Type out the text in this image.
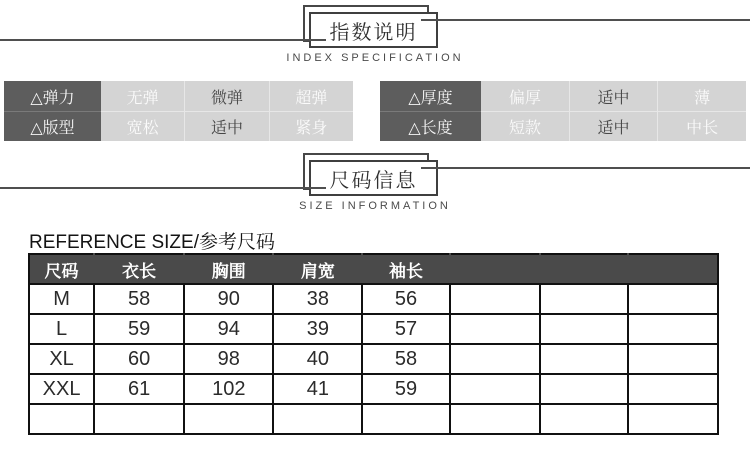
指数说明
INDEX SPECIFICATION
△弹力	无弹	微弹	超弹
△版型	宽松	适中	紧身
△厚度	偏厚	适中	薄
△长度	短款	适中	中长
尺码信息
SIZE INFORMATION
REFERENCE SIZE/参考尺码
尺码	衣长	胸围	肩宽	袖长			
M	58	90	38	56			
L	59	94	39	57			
XL	60	98	40	58			
XXL	61	102	41	59			
